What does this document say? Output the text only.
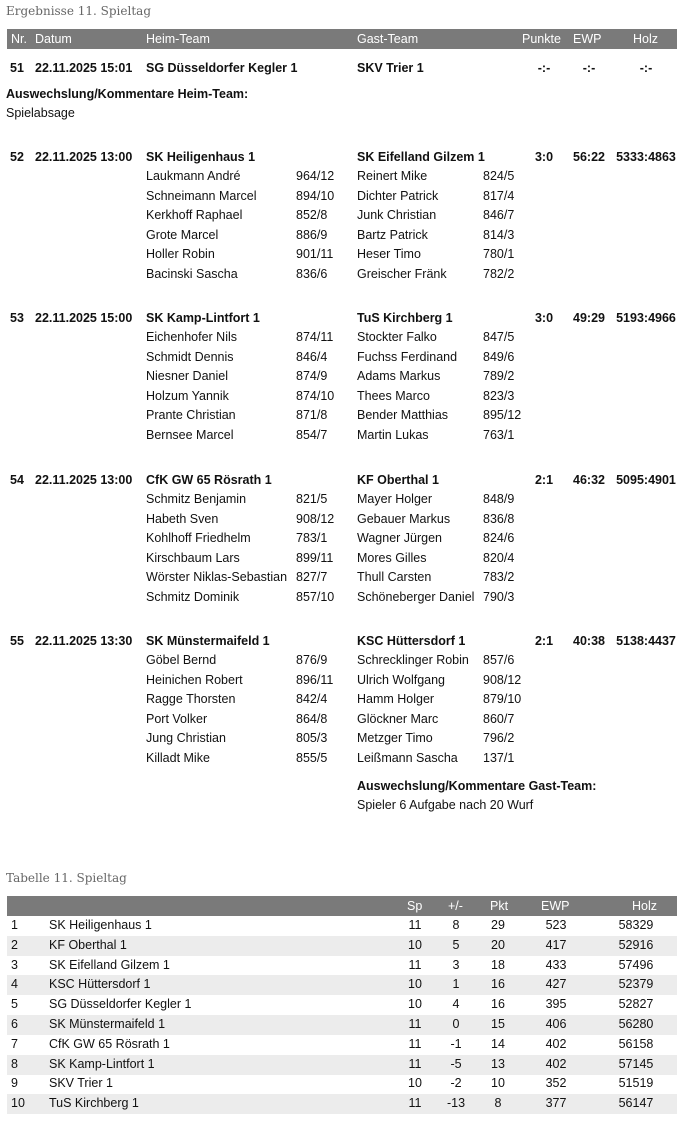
Ergebnisse 11. Spieltag
Nr. Datum	Heim-Team	Gast-Team	Punkte EWP	Holz
51 22.11.2025 15:01 SG Düsseldorfer Kegler 1	SKV Trier 1	-:-	-:-	-:-
Auswechslung/Kommentare Heim-Team:
Spielabsage
52 22.11.2025 13:00 SK Heiligenhaus 1	SK Eifelland Gilzem 1	3:0	56:22 5333:4863
Laukmann André	964/12 Reinert Mike	824/5
Schneimann Marcel	894/10 Dichter Patrick	817/4
Kerkhoff Raphael	852/8 Junk Christian	846/7
Grote Marcel	886/9 Bartz Patrick	814/3
Holler Robin	901/11 Heser Timo	780/1
Bacinski Sascha	836/6 Greischer Fränk	782/2
53 22.11.2025 15:00 SK Kamp-Lintfort 1	TuS Kirchberg 1	3:0	49:29 5193:4966
Eichenhofer Nils	874/11 Stockter Falko	847/5
Schmidt Dennis	846/4 Fuchss Ferdinand 849/6
Niesner Daniel	874/9 Adams Markus	789/2
Holzum Yannik	874/10 Thees Marco	823/3
Prante Christian	871/8 Bender Matthias	895/12
Bernsee Marcel	854/7 Martin Lukas	763/1
54 22.11.2025 13:00 CfK GW 65 Rösrath 1	KF Oberthal 1	2:1	46:32 5095:4901
Schmitz Benjamin	821/5 Mayer Holger	848/9
Habeth Sven	908/12 Gebauer Markus	836/8
Kohlhoff Friedhelm	783/1 Wagner Jürgen	824/6
Kirschbaum Lars	899/11 Mores Gilles	820/4
Wörster Niklas-Sebastian 827/7 Thull Carsten	783/2
Schmitz Dominik	857/10 Schöneberger Daniel 790/3
55 22.11.2025 13:30 SK Münstermaifeld 1	KSC Hüttersdorf 1	2:1	40:38 5138:4437
Göbel Bernd	876/9 Schrecklinger Robin 857/6
Heinichen Robert	896/11 Ulrich Wolfgang	908/12
Ragge Thorsten	842/4 Hamm Holger	879/10
Port Volker	864/8 Glöckner Marc	860/7
Jung Christian	805/3 Metzger Timo	796/2
Killadt Mike	855/5 Leißmann Sascha 137/1
Auswechslung/Kommentare Gast-Team:
Spieler 6 Aufgabe nach 20 Wurf
Tabelle 11. Spieltag
Sp +/- Pkt	EWP	Holz
1 SK Heiligenhaus 1	11	8	29	523	58329
2 KF Oberthal 1	10	5	20	417	52916
3 SK Eifelland Gilzem 1	11	3	18	433	57496
4 KSC Hüttersdorf 1	10	1	16	427	52379
5 SG Düsseldorfer Kegler 1	10	4	16	395	52827
6 SK Münstermaifeld 1	11	0	15	406	56280
7 CfK GW 65 Rösrath 1	11	-1	14	402	56158
8 SK Kamp-Lintfort 1	11	-5	13	402	57145
9 SKV Trier 1	10	-2	10	352	51519
10 TuS Kirchberg 1	11	-13	8	377	56147
